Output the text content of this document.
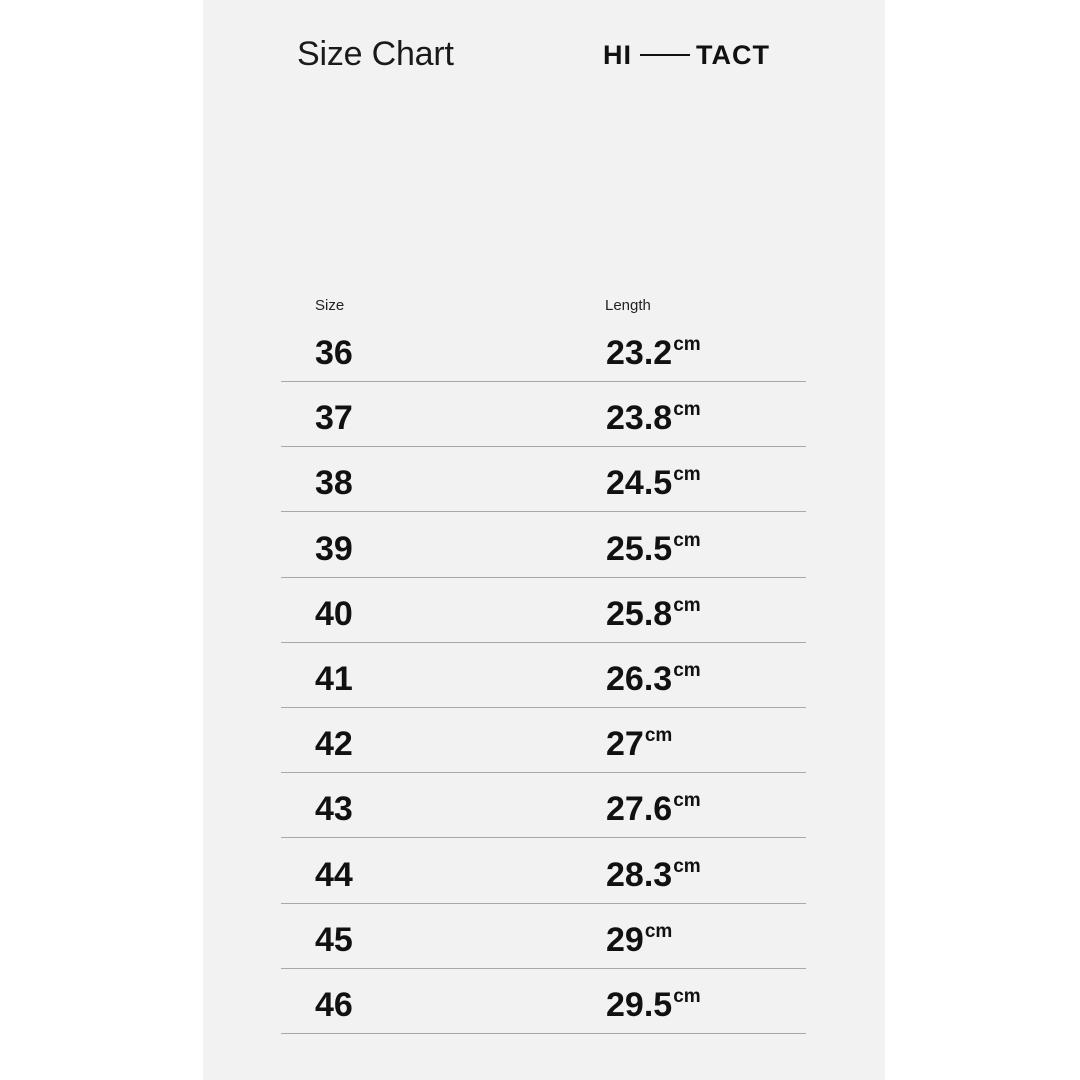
Size Chart	HI TACT
Size	Length
36	$23.2^{cm}$
37	$23.8^{cm}$
38	$24.5^{cm}$
39	$25.5^{cm}$
40	$25.8^{cm}$
41	$26.3^{cm}$
42	$27^{cm}$
43	$27.6^{cm}$
44	$28.3^{cm}$
45	$29^{cm}$
46	$29.5^{cm}$
